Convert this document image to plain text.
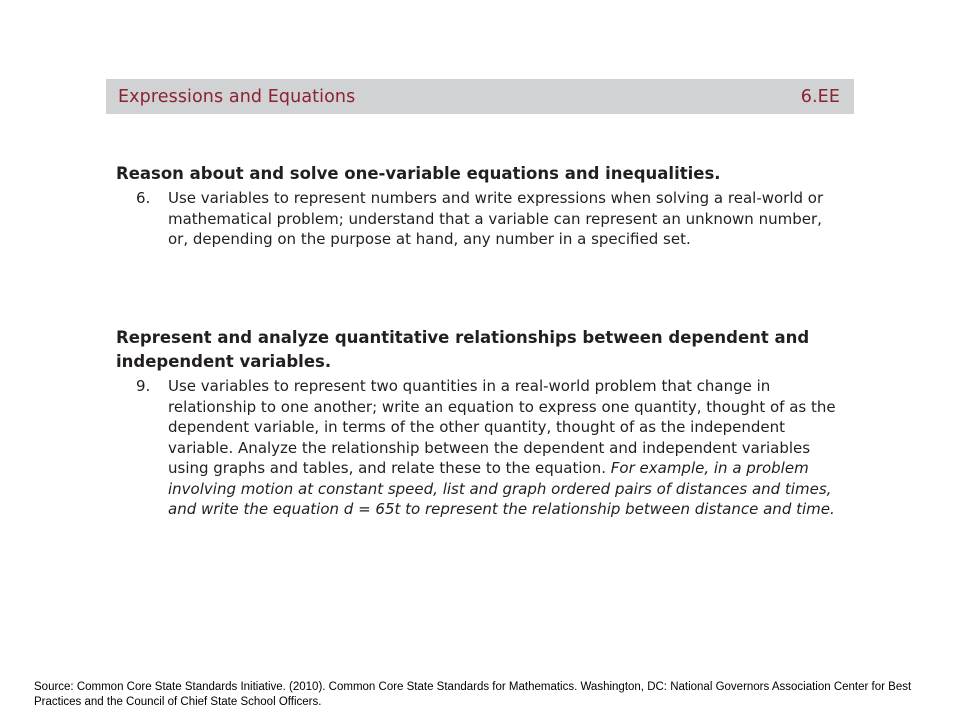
Expressions and Equations	6.EE

Reason about and solve one-variable equations and inequalities.

6.	Use variables to represent numbers and write expressions when solving a real-world or mathematical problem; understand that a variable can represent an unknown number, or, depending on the purpose at hand, any number in a specified set.

Represent and analyze quantitative relationships between dependent and independent variables.

9.	Use variables to represent two quantities in a real-world problem that change in relationship to one another; write an equation to express one quantity, thought of as the dependent variable, in terms of the other quantity, thought of as the independent variable. Analyze the relationship between the dependent and independent variables using graphs and tables, and relate these to the equation. For example, in a problem involving motion at constant speed, list and graph ordered pairs of distances and times, and write the equation d = 65t to represent the relationship between distance and time.
Source: Common Core State Standards Initiative. (2010). Common Core State Standards for Mathematics. Washington, DC: National Governors Association Center for Best Practices and the Council of Chief State School Officers.
